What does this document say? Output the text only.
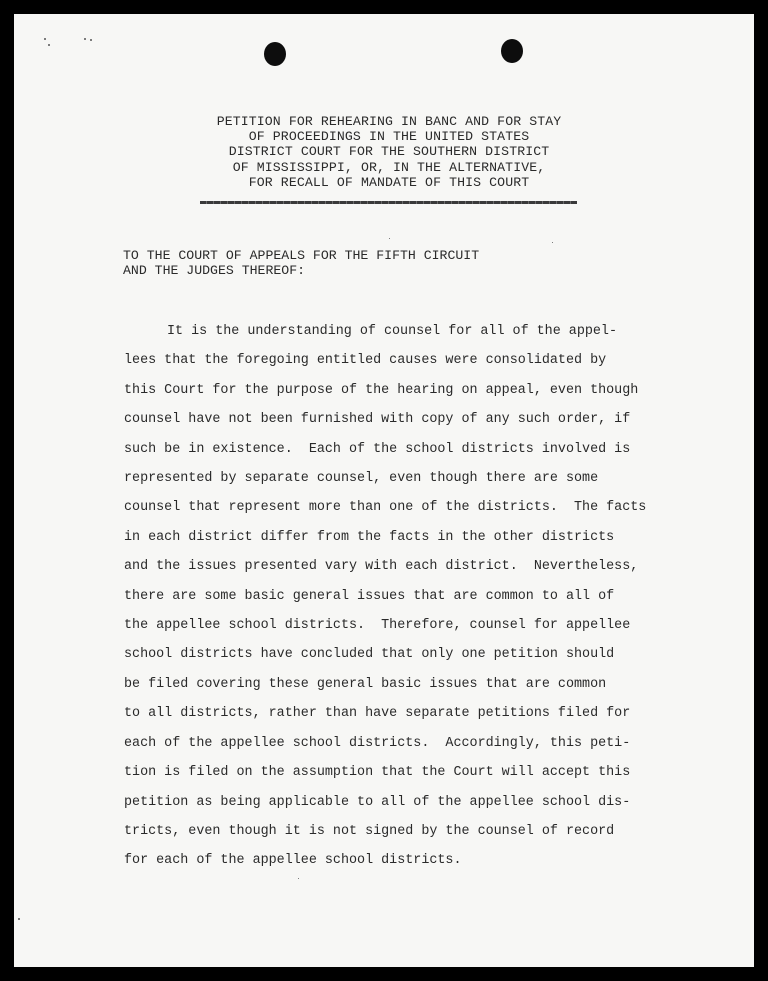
PETITION FOR REHEARING IN BANC AND FOR STAY
OF PROCEEDINGS IN THE UNITED STATES
DISTRICT COURT FOR THE SOUTHERN DISTRICT
OF MISSISSIPPI, OR, IN THE ALTERNATIVE,
FOR RECALL OF MANDATE OF THIS COURT
TO THE COURT OF APPEALS FOR THE FIFTH CIRCUIT
AND THE JUDGES THEREOF:
It is the understanding of counsel for all of the appel-
lees that the foregoing entitled causes were consolidated by
this Court for the purpose of the hearing on appeal, even though
counsel have not been furnished with copy of any such order, if
such be in existence.  Each of the school districts involved is
represented by separate counsel, even though there are some
counsel that represent more than one of the districts.  The facts
in each district differ from the facts in the other districts
and the issues presented vary with each district.  Nevertheless,
there are some basic general issues that are common to all of
the appellee school districts.  Therefore, counsel for appellee
school districts have concluded that only one petition should
be filed covering these general basic issues that are common
to all districts, rather than have separate petitions filed for
each of the appellee school districts.  Accordingly, this peti-
tion is filed on the assumption that the Court will accept this
petition as being applicable to all of the appellee school dis-
tricts, even though it is not signed by the counsel of record
for each of the appellee school districts.
